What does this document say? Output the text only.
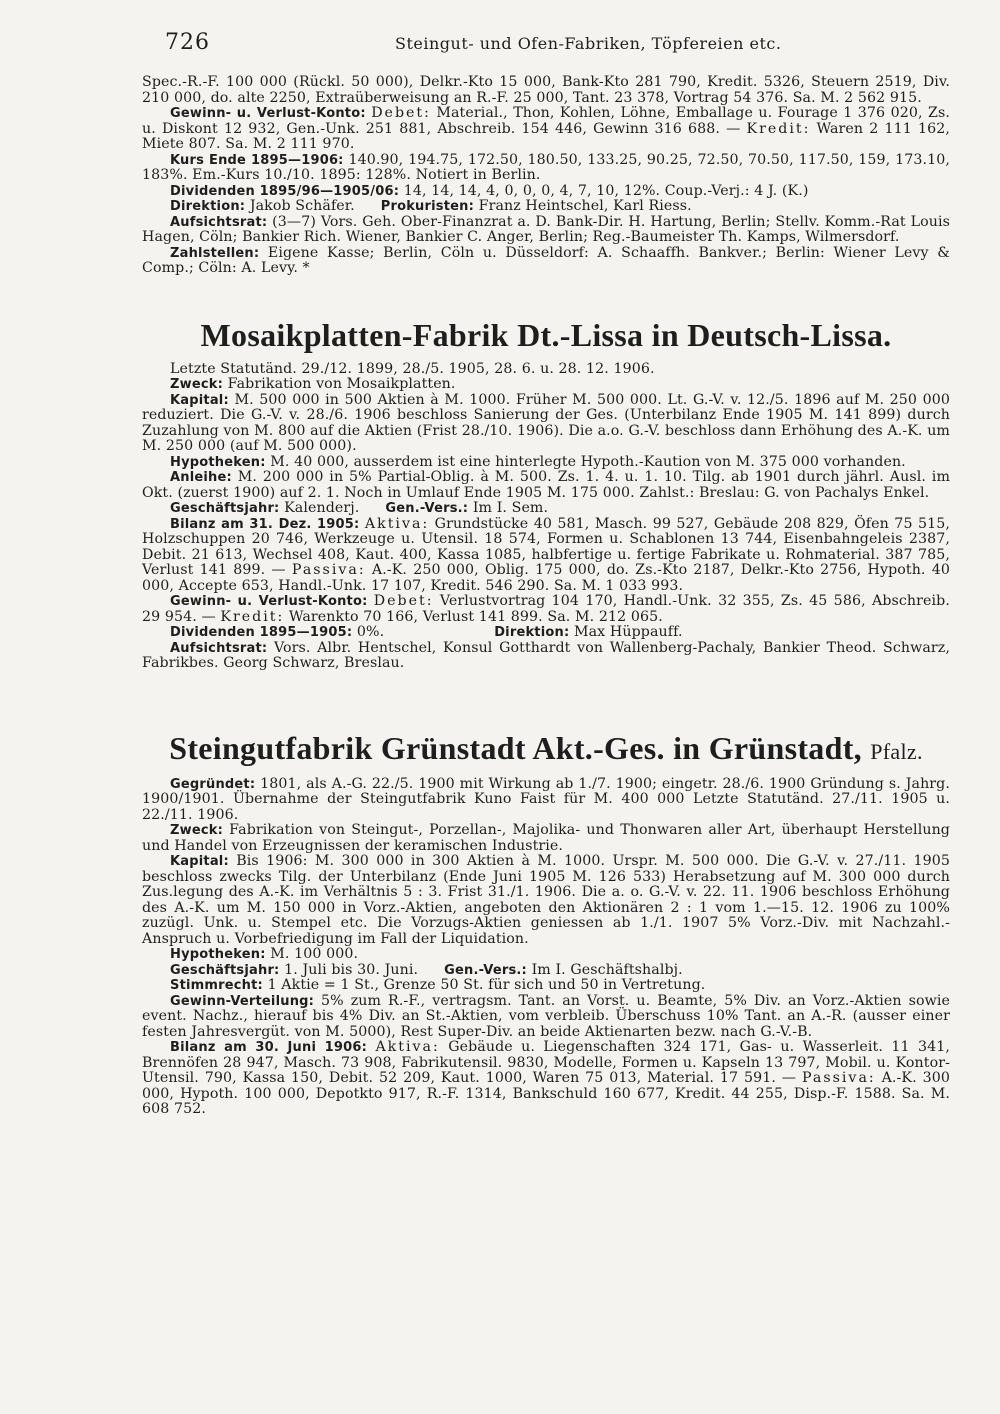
726	Steingut- und Ofen-Fabriken, Töpfereien etc.

Spec.-R.-F. 100 000 (Rückl. 50 000), Delkr.-Kto 15 000, Bank-Kto 281 790, Kredit. 5326, Steuern 2519, Div. 210 000, do. alte 2250, Extraüberweisung an R.-F. 25 000, Tant. 23 378, Vortrag 54 376. Sa. M. 2 562 915.

Gewinn- u. Verlust-Konto: Debet: Material., Thon, Kohlen, Löhne, Emballage u. Fourage 1 376 020, Zs. u. Diskont 12 932, Gen.-Unk. 251 881, Abschreib. 154 446, Gewinn 316 688. — Kredit: Waren 2 111 162, Miete 807. Sa. M. 2 111 970.

Kurs Ende 1895—1906: 140.90, 194.75, 172.50, 180.50, 133.25, 90.25, 72.50, 70.50, 117.50, 159, 173.10, 183%. Em.-Kurs 10./10. 1895: 128%. Notiert in Berlin.

Dividenden 1895/96—1905/06: 14, 14, 14, 4, 0, 0, 0, 4, 7, 10, 12%. Coup.-Verj.: 4 J. (K.)

Direktion: Jakob Schäfer. Prokuristen: Franz Heintschel, Karl Riess.

Aufsichtsrat: (3—7) Vors. Geh. Ober-Finanzrat a. D. Bank-Dir. H. Hartung, Berlin; Stellv. Komm.-Rat Louis Hagen, Cöln; Bankier Rich. Wiener, Bankier C. Anger, Berlin; Reg.-Baumeister Th. Kamps, Wilmersdorf.

Zahlstellen: Eigene Kasse; Berlin, Cöln u. Düsseldorf: A. Schaaffh. Bankver.; Berlin: Wiener Levy & Comp.; Cöln: A. Levy. *

Mosaikplatten-Fabrik Dt.-Lissa in Deutsch-Lissa.

Letzte Statutänd. 29./12. 1899, 28./5. 1905, 28. 6. u. 28. 12. 1906.

Zweck: Fabrikation von Mosaikplatten.

Kapital: M. 500 000 in 500 Aktien à M. 1000. Früher M. 500 000. Lt. G.-V. v. 12./5. 1896 auf M. 250 000 reduziert. Die G.-V. v. 28./6. 1906 beschloss Sanierung der Ges. (Unterbilanz Ende 1905 M. 141 899) durch Zuzahlung von M. 800 auf die Aktien (Frist 28./10. 1906). Die a.o. G.-V. beschloss dann Erhöhung des A.-K. um M. 250 000 (auf M. 500 000).

Hypotheken: M. 40 000, ausserdem ist eine hinterlegte Hypoth.-Kaution von M. 375 000 vorhanden.

Anleihe: M. 200 000 in 5% Partial-Oblig. à M. 500. Zs. 1. 4. u. 1. 10. Tilg. ab 1901 durch jährl. Ausl. im Okt. (zuerst 1900) auf 2. 1. Noch in Umlauf Ende 1905 M. 175 000. Zahlst.: Breslau: G. von Pachalys Enkel.

Geschäftsjahr: Kalenderj. Gen.-Vers.: Im I. Sem.

Bilanz am 31. Dez. 1905: Aktiva: Grundstücke 40 581, Masch. 99 527, Gebäude 208 829, Öfen 75 515, Holzschuppen 20 746, Werkzeuge u. Utensil. 18 574, Formen u. Schablonen 13 744, Eisenbahngeleis 2387, Debit. 21 613, Wechsel 408, Kaut. 400, Kassa 1085, halbfertige u. fertige Fabrikate u. Rohmaterial. 387 785, Verlust 141 899. — Passiva: A.-K. 250 000, Oblig. 175 000, do. Zs.-Kto 2187, Delkr.-Kto 2756, Hypoth. 40 000, Accepte 653, Handl.-Unk. 17 107, Kredit. 546 290. Sa. M. 1 033 993.

Gewinn- u. Verlust-Konto: Debet: Verlustvortrag 104 170, Handl.-Unk. 32 355, Zs. 45 586, Abschreib. 29 954. — Kredit: Warenkto 70 166, Verlust 141 899. Sa. M. 212 065.

Dividenden 1895—1905: 0%.	Direktion: Max Hüppauff.

Aufsichtsrat: Vors. Albr. Hentschel, Konsul Gotthardt von Wallenberg-Pachaly, Bankier Theod. Schwarz, Fabrikbes. Georg Schwarz, Breslau.

Steingutfabrik Grünstadt Akt.-Ges. in Grünstadt, Pfalz.

Gegründet: 1801, als A.-G. 22./5. 1900 mit Wirkung ab 1./7. 1900; eingetr. 28./6. 1900 Gründung s. Jahrg. 1900/1901. Übernahme der Steingutfabrik Kuno Faist für M. 400 000 Letzte Statutänd. 27./11. 1905 u. 22./11. 1906.

Zweck: Fabrikation von Steingut-, Porzellan-, Majolika- und Thonwaren aller Art, überhaupt Herstellung und Handel von Erzeugnissen der keramischen Industrie.

Kapital: Bis 1906: M. 300 000 in 300 Aktien à M. 1000. Urspr. M. 500 000. Die G.-V. v. 27./11. 1905 beschloss zwecks Tilg. der Unterbilanz (Ende Juni 1905 M. 126 533) Herabsetzung auf M. 300 000 durch Zus.legung des A.-K. im Verhältnis 5 : 3. Frist 31./1. 1906. Die a. o. G.-V. v. 22. 11. 1906 beschloss Erhöhung des A.-K. um M. 150 000 in Vorz.-Aktien, angeboten den Aktionären 2 : 1 vom 1.—15. 12. 1906 zu 100% zuzügl. Unk. u. Stempel etc. Die Vorzugs-Aktien geniessen ab 1./1. 1907 5% Vorz.-Div. mit Nachzahl.-Anspruch u. Vorbefriedigung im Fall der Liquidation.

Hypotheken: M. 100 000.

Geschäftsjahr: 1. Juli bis 30. Juni. Gen.-Vers.: Im I. Geschäftshalbj.

Stimmrecht: 1 Aktie = 1 St., Grenze 50 St. für sich und 50 in Vertretung.

Gewinn-Verteilung: 5% zum R.-F., vertragsm. Tant. an Vorst. u. Beamte, 5% Div. an Vorz.-Aktien sowie event. Nachz., hierauf bis 4% Div. an St.-Aktien, vom verbleib. Überschuss 10% Tant. an A.-R. (ausser einer festen Jahresvergüt. von M. 5000), Rest Super-Div. an beide Aktienarten bezw. nach G.-V.-B.

Bilanz am 30. Juni 1906: Aktiva: Gebäude u. Liegenschaften 324 171, Gas- u. Wasserleit. 11 341, Brennöfen 28 947, Masch. 73 908, Fabrikutensil. 9830, Modelle, Formen u. Kapseln 13 797, Mobil. u. Kontor-Utensil. 790, Kassa 150, Debit. 52 209, Kaut. 1000, Waren 75 013, Material. 17 591. — Passiva: A.-K. 300 000, Hypoth. 100 000, Depotkto 917, R.-F. 1314, Bankschuld 160 677, Kredit. 44 255, Disp.-F. 1588. Sa. M. 608 752.
